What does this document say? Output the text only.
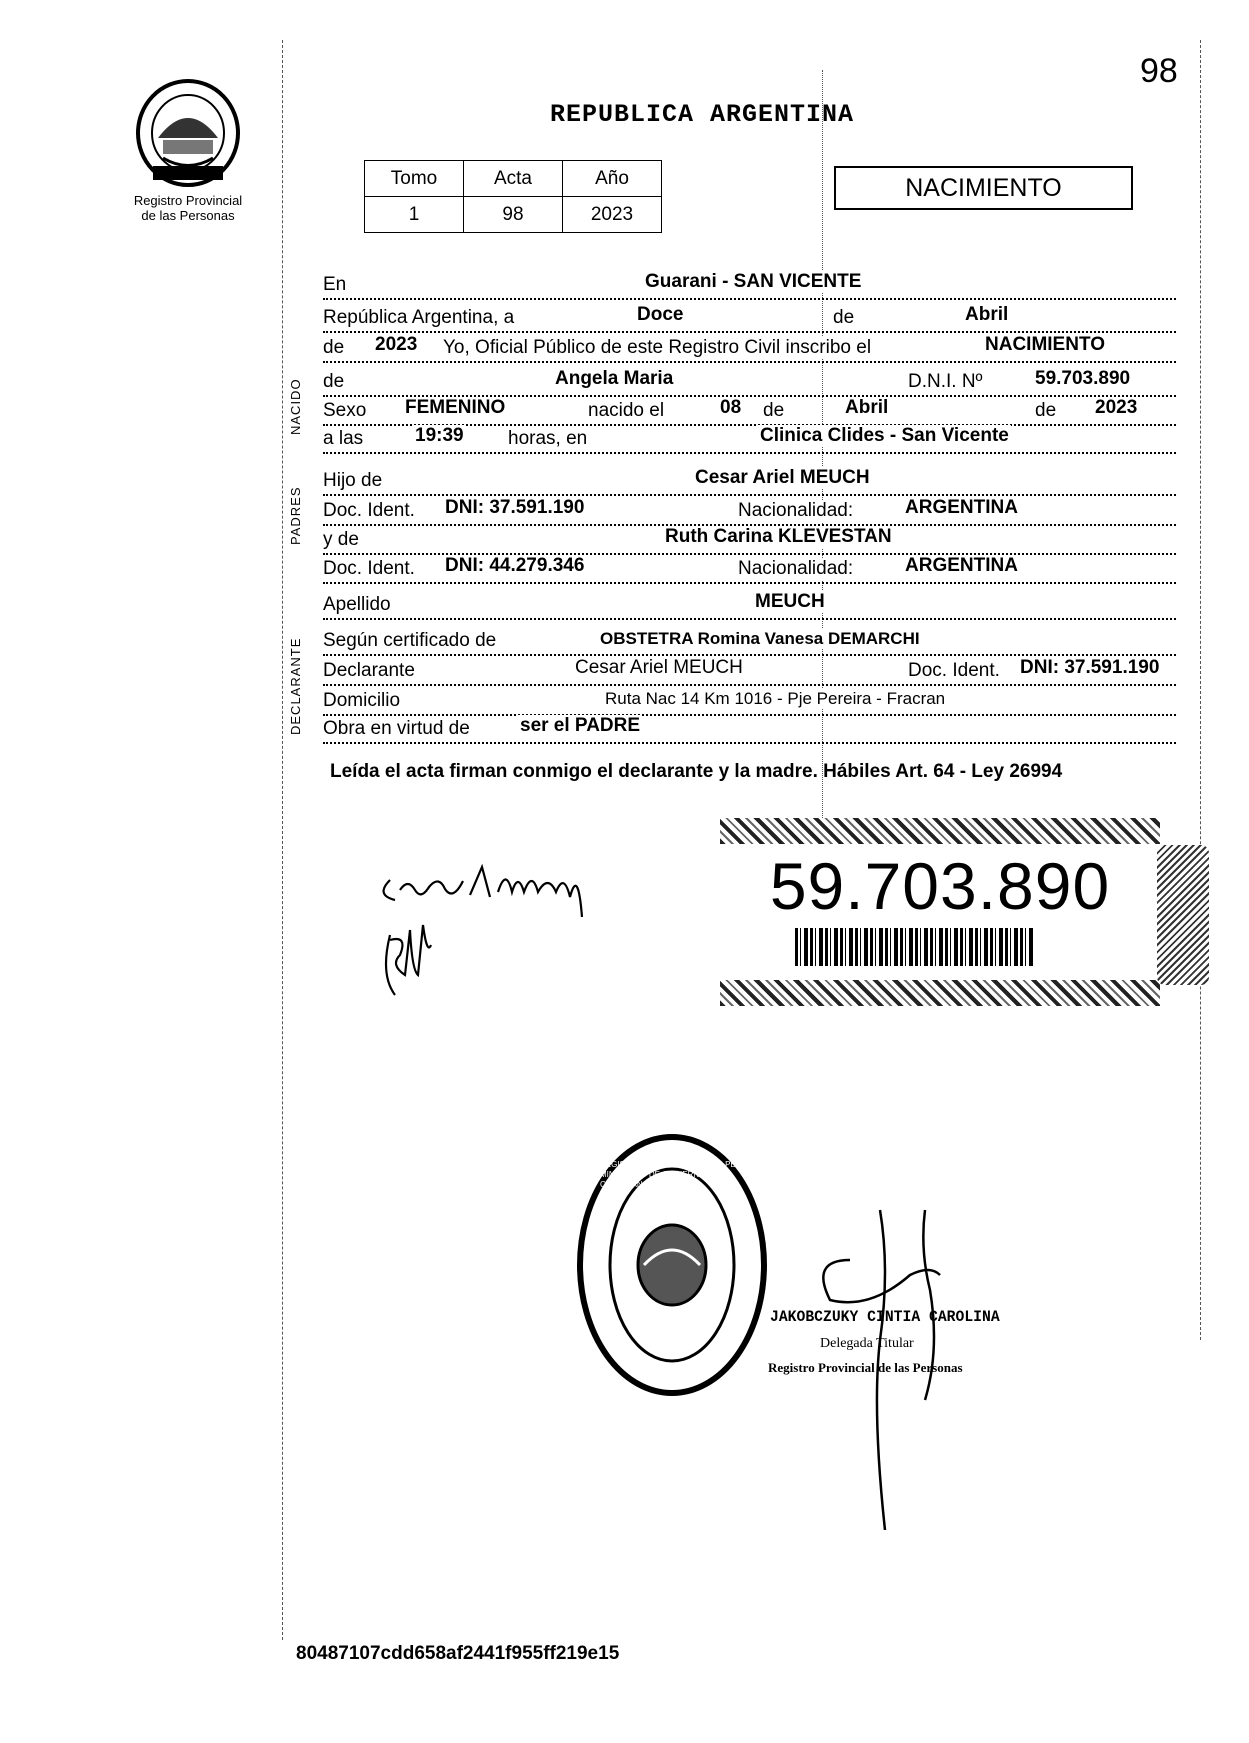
98
Registro Provincial
de las Personas
REPUBLICA ARGENTINA
Tomo	Acta	Año
1	98	2023
NACIMIENTO
NACIDO
PADRES
DECLARANTE
En	Guarani - SAN VICENTE
República Argentina, a	Doce	de	Abril
de 2023 Yo, Oficial Público de este Registro Civil inscribo el	NACIMIENTO
de	Angela Maria	D.N.I. Nº	59.703.890
Sexo FEMENINO	nacido el	08 de	Abril	de 2023
a las	19:39 horas, en	Clinica Clides - San Vicente
Hijo de	Cesar Ariel MEUCH
Doc. Ident. DNI: 37.591.190	Nacionalidad:	ARGENTINA
y de	Ruth Carina KLEVESTAN
Doc. Ident. DNI: 44.279.346	Nacionalidad:	ARGENTINA
Apellido	MEUCH
Según certificado de	OBSTETRA Romina Vanesa DEMARCHI
Declarante	Cesar Ariel MEUCH	Doc. Ident. DNI: 37.591.190
Domicilio	Ruta Nac 14 Km 1016 - Pje Pereira - Fracran
Obra en virtud de	ser el PADRE
Leída el acta firman conmigo el declarante y la madre. Hábiles Art. 64 - Ley 26994
59.703.890
REGISTRO PROVINCIAL DE LAS PERSONAS
MINISTERIO DE GOBIERNO
C.D.R. SAN VICENTE
JAKOBCZUKY CINTIA CAROLINA
Delegada Titular
Registro Provincial de las Personas
80487107cdd658af2441f955ff219e15
